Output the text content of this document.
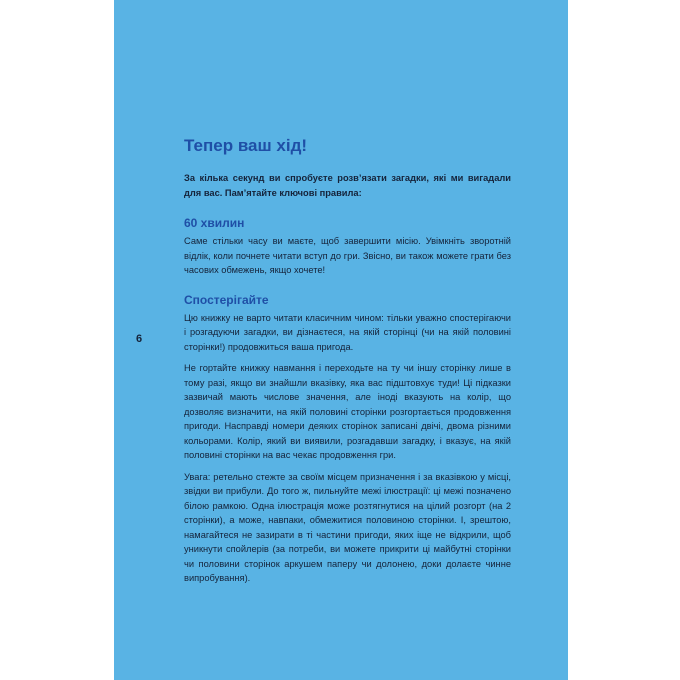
6
Тепер ваш хід!

За кілька секунд ви спробуєте розв’язати загадки, які ми вигадали для вас. Пам’ятайте ключові правила:

60 хвилин

Саме стільки часу ви маєте, щоб завершити місію. Увімкніть зворотній відлік, коли почнете читати вступ до гри. Звісно, ви також можете грати без часових обмежень, якщо хочете!

Спостерігайте

Цю книжку не варто читати класичним чином: тільки уважно спостерігаючи і розгадуючи загадки, ви дізнаєтеся, на якій сторінці (чи на якій половині сторінки!) продовжиться ваша пригода.

Не гортайте книжку навмання і переходьте на ту чи іншу сторінку лише в тому разі, якщо ви знайшли вказівку, яка вас підштовхує туди! Ці підказки зазвичай мають числове значення, але іноді вказують на колір, що дозволяє визначити, на якій половині сторінки розгортається продовження пригоди. Насправді номери деяких сторінок записані двічі, двома різними кольорами. Колір, який ви виявили, розгадавши загадку, і вказує, на якій половині сторінки на вас чекає продовження гри.

Увага: ретельно стежте за своїм місцем призначення і за вказівкою у місці, звідки ви прибули. До того ж, пильнуйте межі ілюстрації: ці межі позначено білою рамкою. Одна ілюстрація може розтягнутися на цілий розгорт (на 2 сторінки), а може, навпаки, обмежитися половиною сторінки. І, зрештою, намагайтеся не зазирати в ті частини пригоди, яких іще не відкрили, щоб уникнути спойлерів (за потреби, ви можете прикрити ці майбутні сторінки чи половини сторінок аркушем паперу чи долонею, доки долаєте чинне випробування).
